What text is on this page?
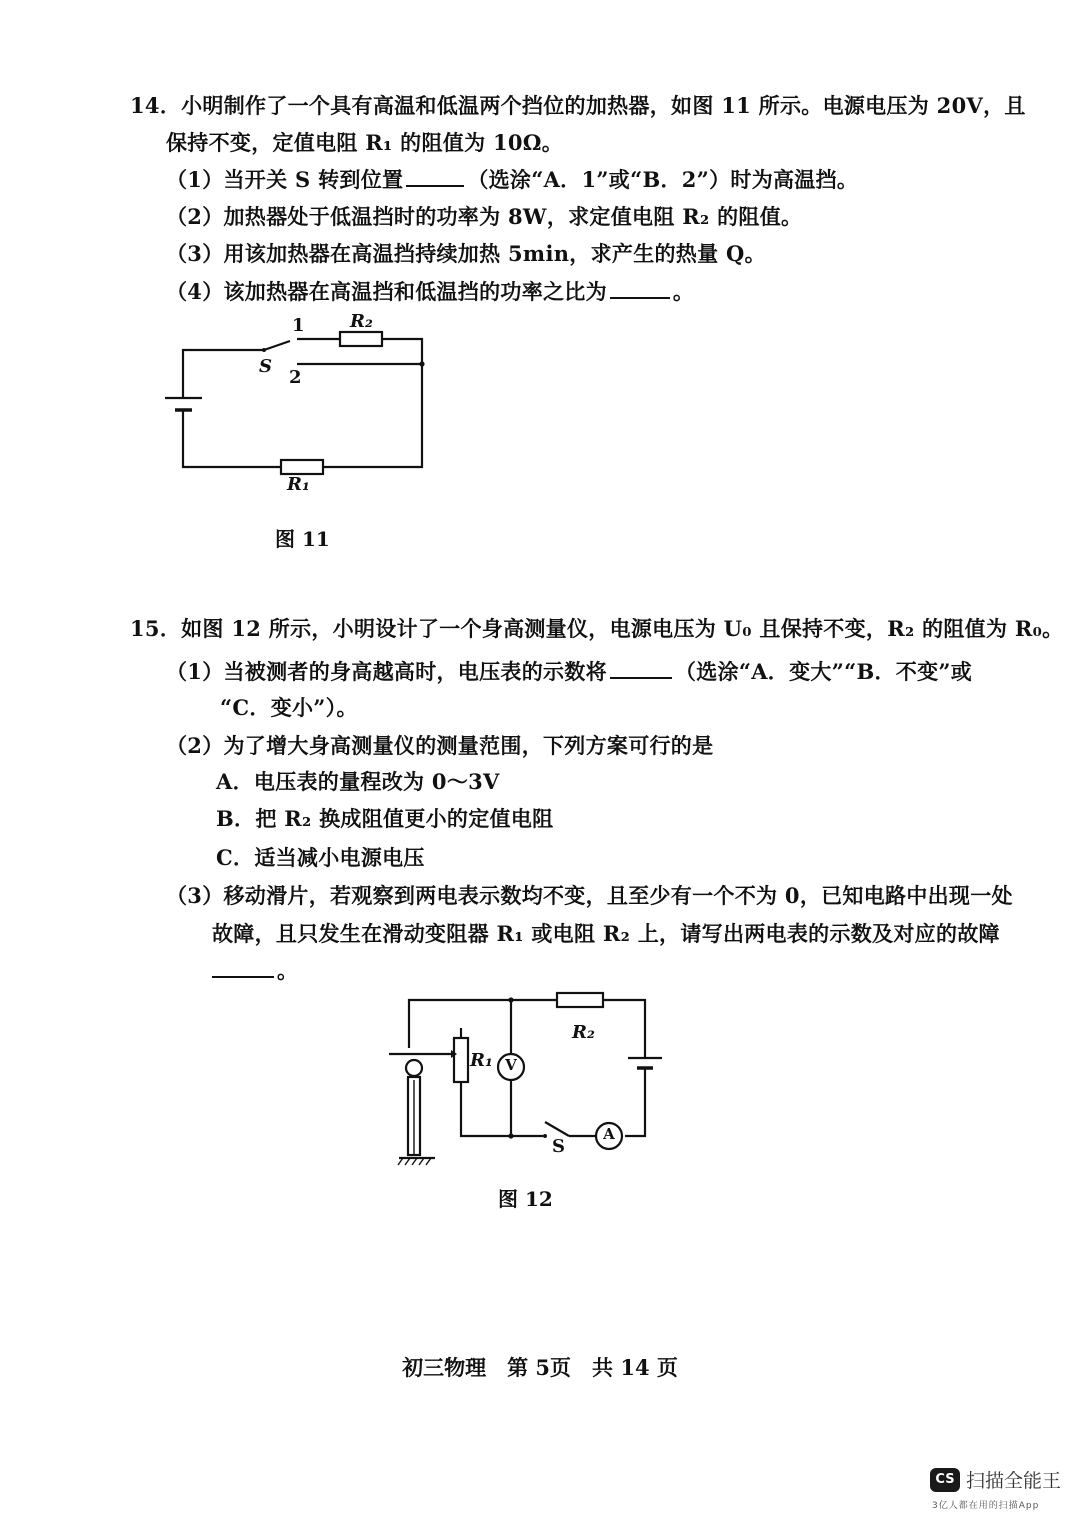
14．小明制作了一个具有高温和低温两个挡位的加热器，如图 11 所示。电源电压为 20V，且
保持不变，定值电阻 R₁ 的阻值为 10Ω。
（1）当开关 S 转到位置	（选涂“A．1”或“B．2”）时为高温挡。
（2）加热器处于低温挡时的功率为 8W，求定值电阻 R₂ 的阻值。
（3）用该加热器在高温挡持续加热 5min，求产生的热量 Q。
（4）该加热器在高温挡和低温挡的功率之比为	。
1	R₂
S
2
R₁
图 11
15．如图 12 所示，小明设计了一个身高测量仪，电源电压为 U₀ 且保持不变，R₂ 的阻值为 R₀。
（1）当被测者的身高越高时，电压表的示数将	（选涂“A．变大”“B．不变”或
“C．变小”）。
（2）为了增大身高测量仪的测量范围，下列方案可行的是
A．电压表的量程改为 0～3V
B．把 R₂ 换成阻值更小的定值电阻
C．适当减小电源电压
（3）移动滑片，若观察到两电表示数均不变，且至少有一个不为 0，已知电路中出现一处
故障，且只发生在滑动变阻器 R₁ 或电阻 R₂ 上，请写出两电表的示数及对应的故障
。
R₂
R₁ V
A
S
图 12
初三物理　第 5页　共 14 页
CS 扫描全能王
3亿人都在用的扫描App
